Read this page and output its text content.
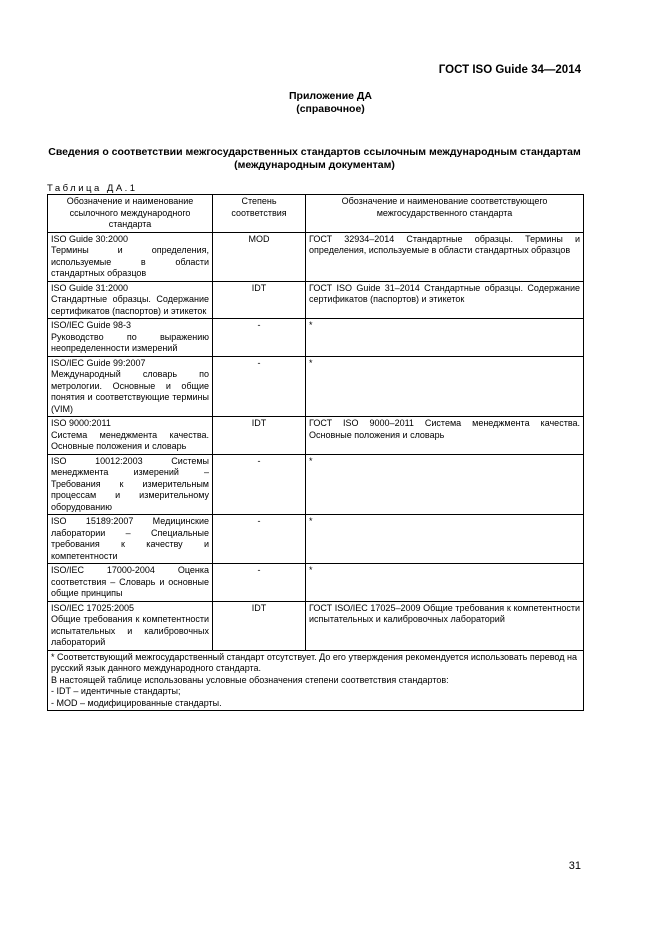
ГОСТ ISO Guide 34—2014
Приложение ДА
(справочное)
Сведения о соответствии межгосударственных стандартов ссылочным международным стандартам (международным документам)
Таблица ДА.1
Обозначение и наименование ссылочного международного стандарта	Степень соответствия	Обозначение и наименование соответствующего межгосударственного стандарта

ISO Guide 30:2000
Термины и определения, используемые в области стандартных образцов	MOD	ГОСТ 32934–2014 Стандартные образцы. Термины и определения, используемые в области стандартных образцов

ISO Guide 31:2000
Стандартные образцы. Содержание сертификатов (паспортов) и этикеток	IDT	ГОСТ ISO Guide 31–2014 Стандартные образцы. Содержание сертификатов (паспортов) и этикеток

ISO/IEC Guide 98-3
Руководство по выражению неопределенности измерений	-	*

ISO/IEC Guide 99:2007
Международный словарь по метрологии. Основные и общие понятия и соответствующие термины (VIM)	-	*

ISO 9000:2011
Система менеджмента качества. Основные положения и словарь	IDT	ГОСТ ISO 9000–2011 Система менеджмента качества. Основные положения и словарь

ISO 10012:2003 Системы менеджмента измерений – Требования к измерительным процессам и измерительному оборудованию	-	*

ISO 15189:2007 Медицинские лаборатории – Специальные требования к качеству и компетентности	-	*

ISO/IEC 17000-2004 Оценка соответствия – Словарь и основные общие принципы	-	*

ISO/IEC 17025:2005
Общие требования к компетентности испытательных и калибровочных лабораторий	IDT	ГОСТ ISO/IEC 17025–2009 Общие требования к компетентности испытательных и калибровочных лабораторий

* Соответствующий межгосударственный стандарт отсутствует. До его утверждения рекомендуется использовать перевод на русский язык данного международного стандарта.
В настоящей таблице использованы условные обозначения степени соответствия стандартов:
- IDT – идентичные стандарты;
- MOD – модифицированные стандарты.		
31
